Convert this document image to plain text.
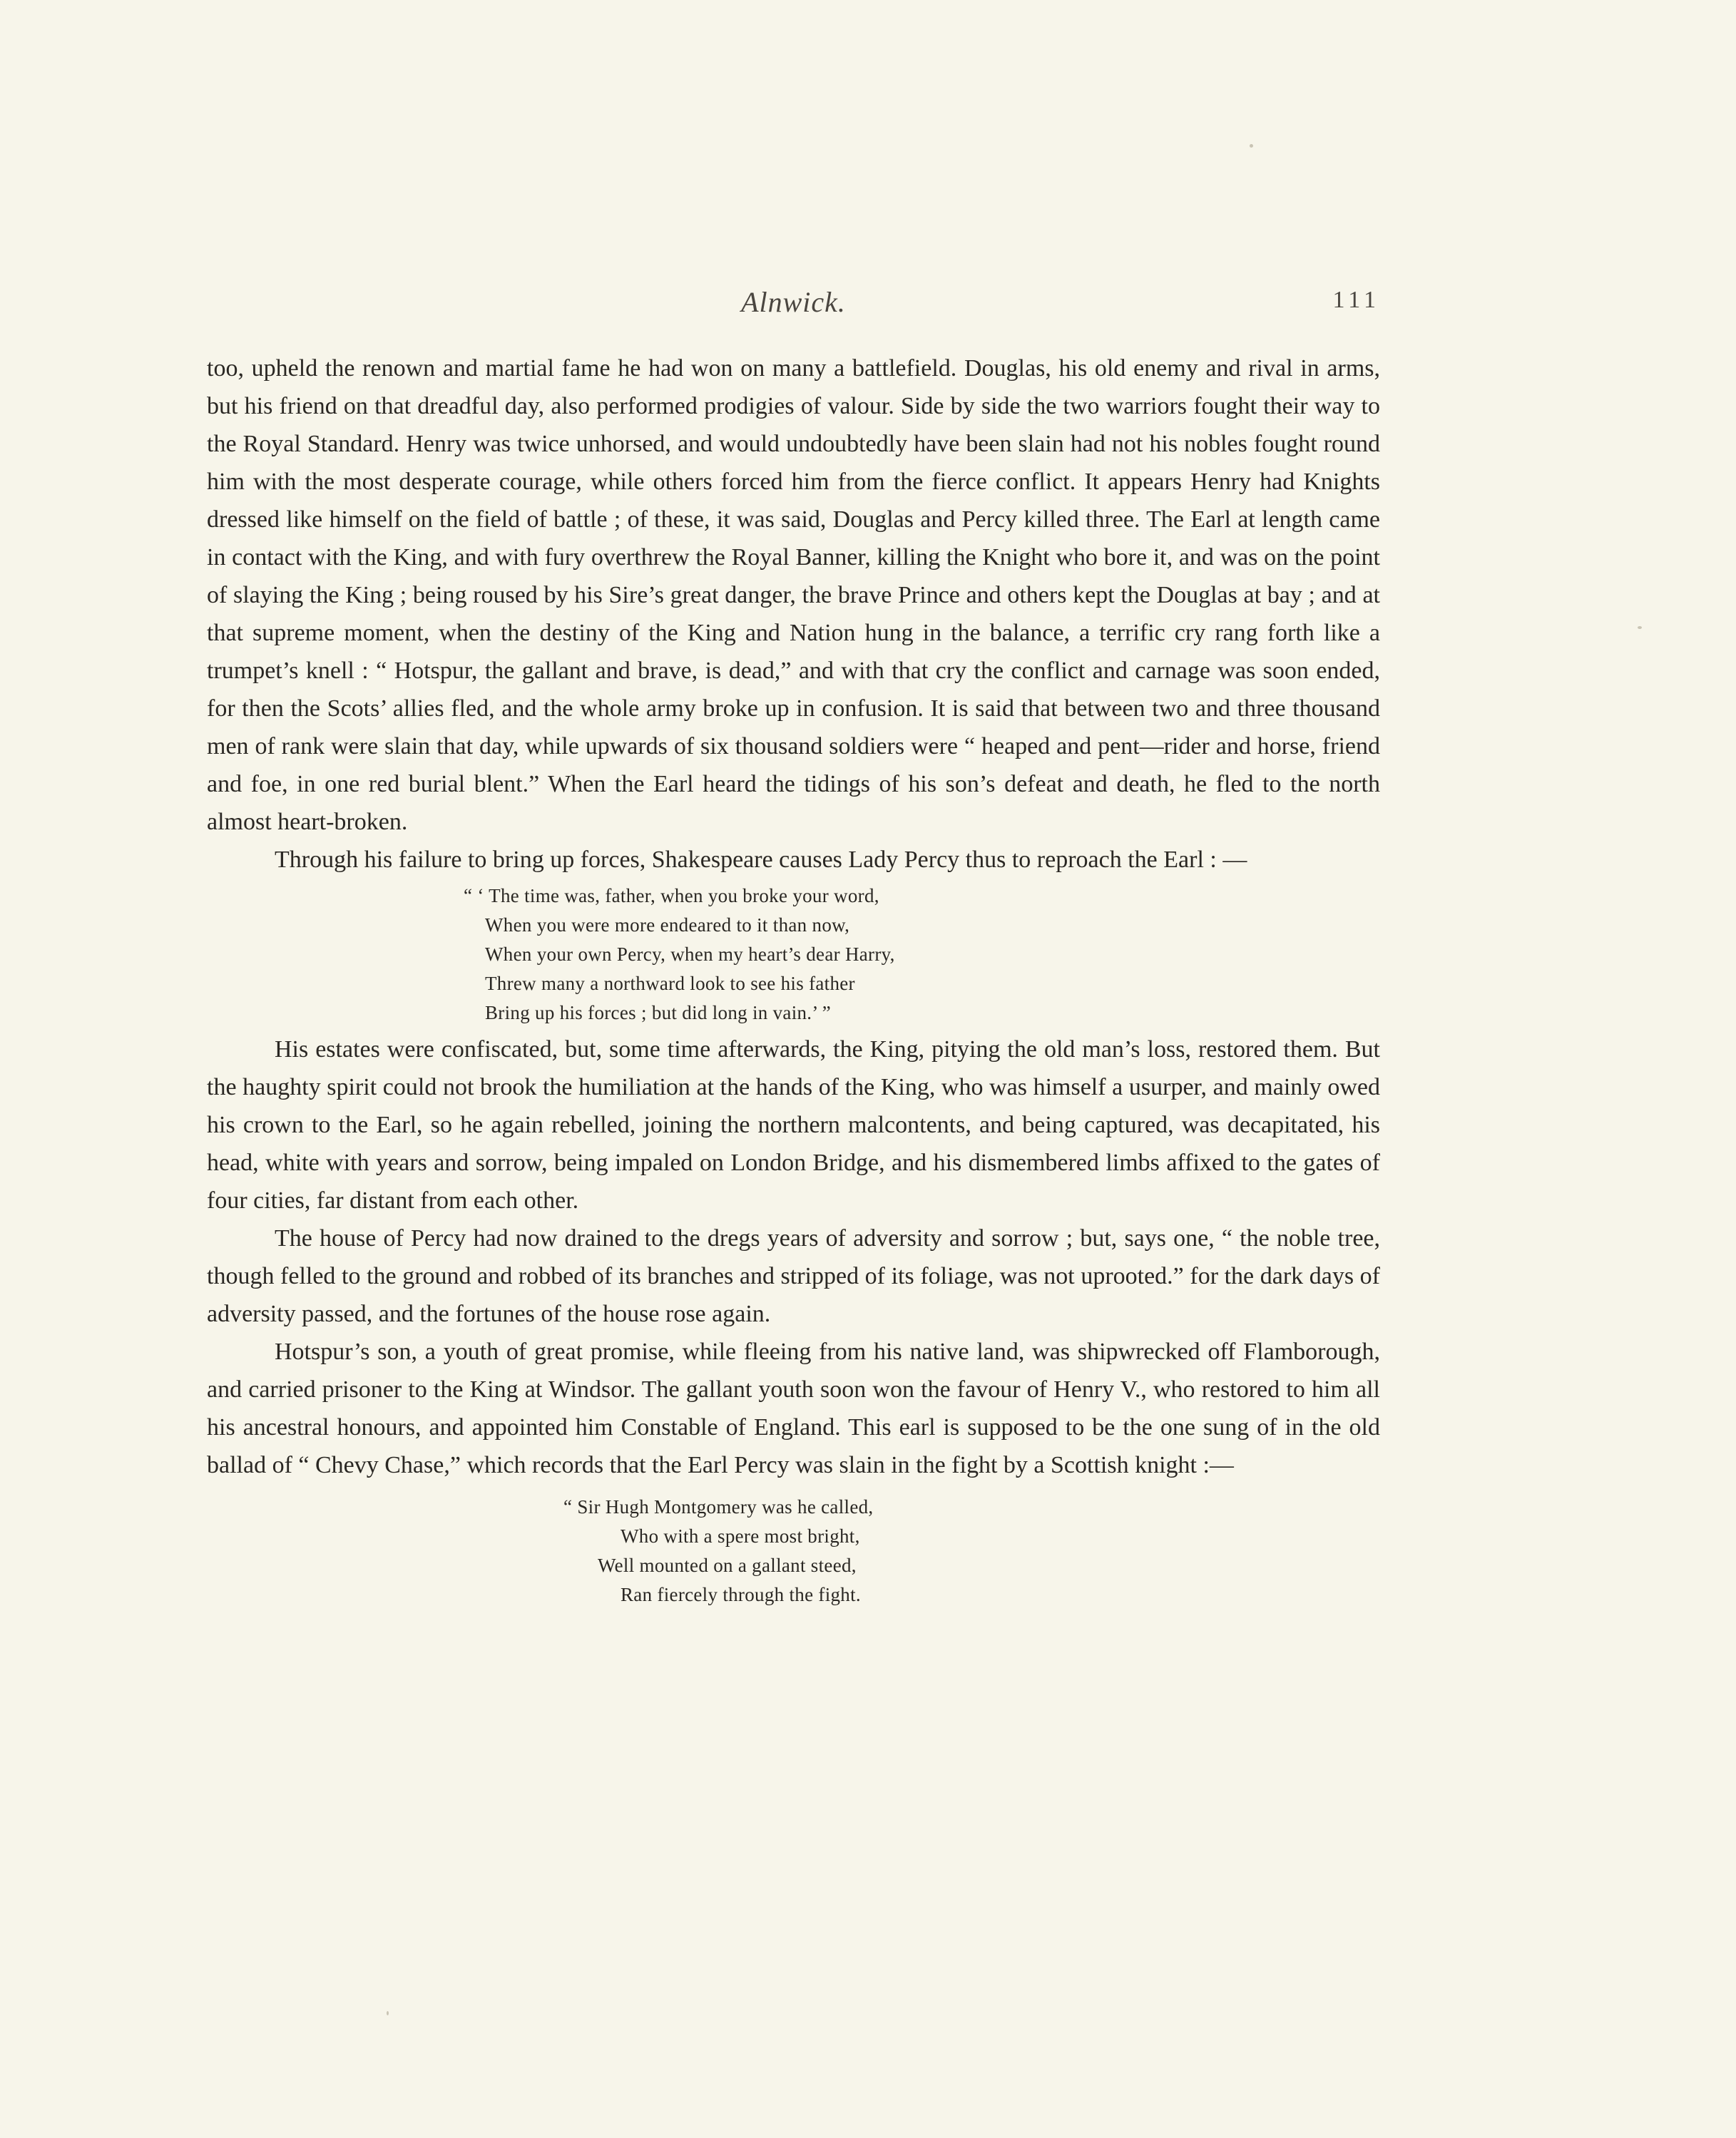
Alnwick.	111

too, upheld the renown and martial fame he had won on many a battlefield. Douglas, his old enemy and rival in arms, but his friend on that dreadful day, also performed prodigies of valour. Side by side the two warriors fought their way to the Royal Standard. Henry was twice unhorsed, and would undoubtedly have been slain had not his nobles fought round him with the most desperate courage, while others forced him from the fierce conflict. It appears Henry had Knights dressed like himself on the field of battle ; of these, it was said, Douglas and Percy killed three. The Earl at length came in contact with the King, and with fury overthrew the Royal Banner, killing the Knight who bore it, and was on the point of slaying the King ; being roused by his Sire’s great danger, the brave Prince and others kept the Douglas at bay ; and at that supreme moment, when the destiny of the King and Nation hung in the balance, a terrific cry rang forth like a trumpet’s knell : “ Hotspur, the gallant and brave, is dead,” and with that cry the conflict and carnage was soon ended, for then the Scots’ allies fled, and the whole army broke up in confusion. It is said that between two and three thousand men of rank were slain that day, while upwards of six thousand soldiers were “ heaped and pent—rider and horse, friend and foe, in one red burial blent.” When the Earl heard the tidings of his son’s defeat and death, he fled to the north almost heart-broken.

Through his failure to bring up forces, Shakespeare causes Lady Percy thus to reproach the Earl : —

“ ‘ The time was, father, when you broke your word,
When you were more endeared to it than now,
When your own Percy, when my heart’s dear Harry,
Threw many a northward look to see his father
Bring up his forces ; but did long in vain.’ ”

His estates were confiscated, but, some time afterwards, the King, pitying the old man’s loss, restored them. But the haughty spirit could not brook the humiliation at the hands of the King, who was himself a usurper, and mainly owed his crown to the Earl, so he again rebelled, joining the northern malcontents, and being captured, was decapitated, his head, white with years and sorrow, being impaled on London Bridge, and his dismembered limbs affixed to the gates of four cities, far distant from each other.

The house of Percy had now drained to the dregs years of adversity and sorrow ; but, says one, “ the noble tree, though felled to the ground and robbed of its branches and stripped of its foliage, was not uprooted.” for the dark days of adversity passed, and the fortunes of the house rose again.

Hotspur’s son, a youth of great promise, while fleeing from his native land, was shipwrecked off Flamborough, and carried prisoner to the King at Windsor. The gallant youth soon won the favour of Henry V., who restored to him all his ancestral honours, and appointed him Constable of England. This earl is supposed to be the one sung of in the old ballad of “ Chevy Chase,” which records that the Earl Percy was slain in the fight by a Scottish knight :—

“ Sir Hugh Montgomery was he called,
Who with a spere most bright,
Well mounted on a gallant steed,
Ran fiercely through the fight.
